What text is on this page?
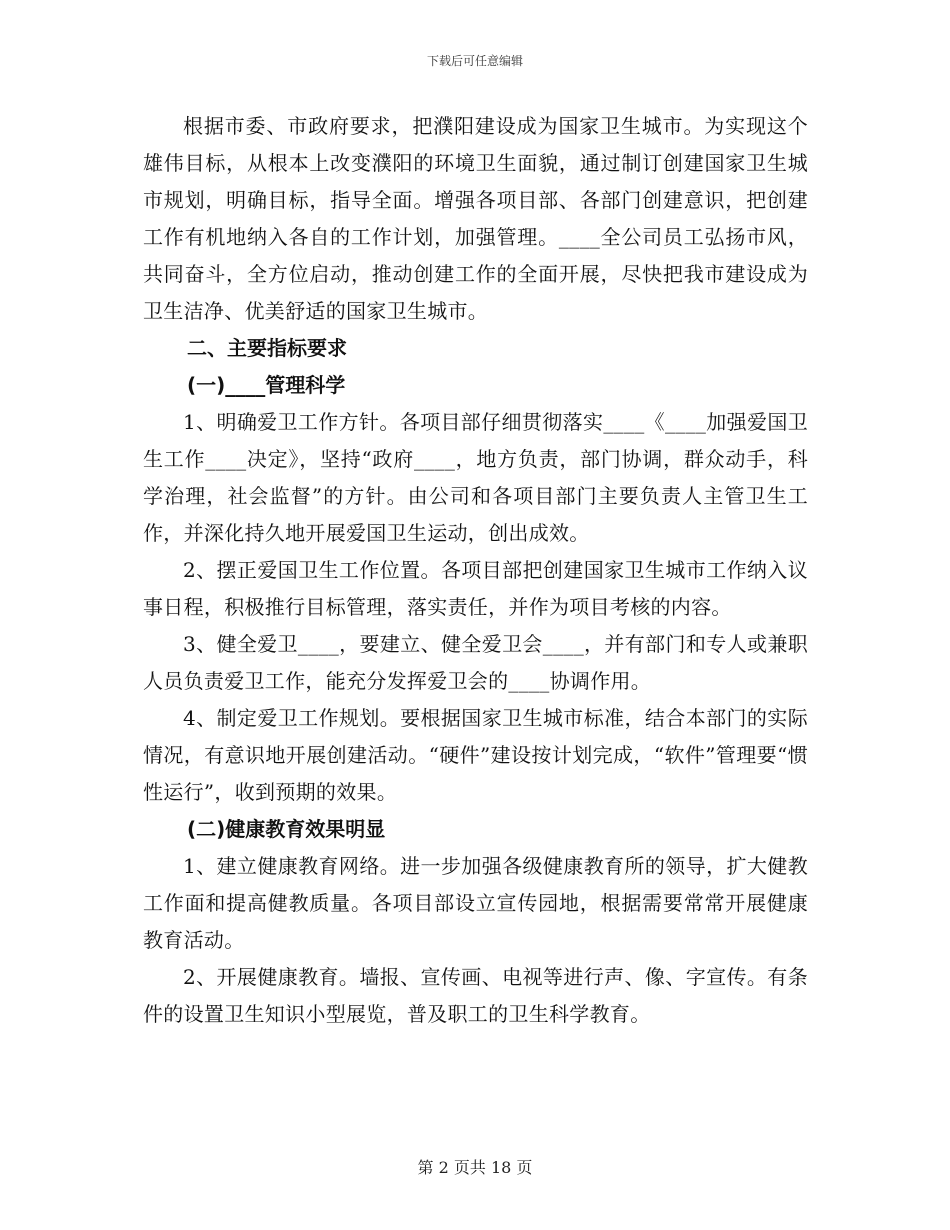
下载后可任意编辑

根据市委、市政府要求，把濮阳建设成为国家卫生城市。为实现这个雄伟目标，从根本上改变濮阳的环境卫生面貌，通过制订创建国家卫生城市规划，明确目标，指导全面。增强各项目部、各部门创建意识，把创建工作有机地纳入各自的工作计划，加强管理。____全公司员工弘扬市风，共同奋斗，全方位启动，推动创建工作的全面开展，尽快把我市建设成为卫生洁净、优美舒适的国家卫生城市。

二、主要指标要求

(一)____管理科学

1、明确爱卫工作方针。各项目部仔细贯彻落实____《____加强爱国卫生工作____决定》，坚持“政府____，地方负责，部门协调，群众动手，科学治理，社会监督”的方针。由公司和各项目部门主要负责人主管卫生工作，并深化持久地开展爱国卫生运动，创出成效。

2、摆正爱国卫生工作位置。各项目部把创建国家卫生城市工作纳入议事日程，积极推行目标管理，落实责任，并作为项目考核的内容。

3、健全爱卫____，要建立、健全爱卫会____，并有部门和专人或兼职人员负责爱卫工作，能充分发挥爱卫会的____协调作用。

4、制定爱卫工作规划。要根据国家卫生城市标准，结合本部门的实际情况，有意识地开展创建活动。“硬件”建设按计划完成，“软件”管理要“惯性运行”，收到预期的效果。

(二)健康教育效果明显

1、建立健康教育网络。进一步加强各级健康教育所的领导，扩大健教工作面和提高健教质量。各项目部设立宣传园地，根据需要常常开展健康教育活动。

2、开展健康教育。墙报、宣传画、电视等进行声、像、字宣传。有条件的设置卫生知识小型展览，普及职工的卫生科学教育。

第 2 页共 18 页
